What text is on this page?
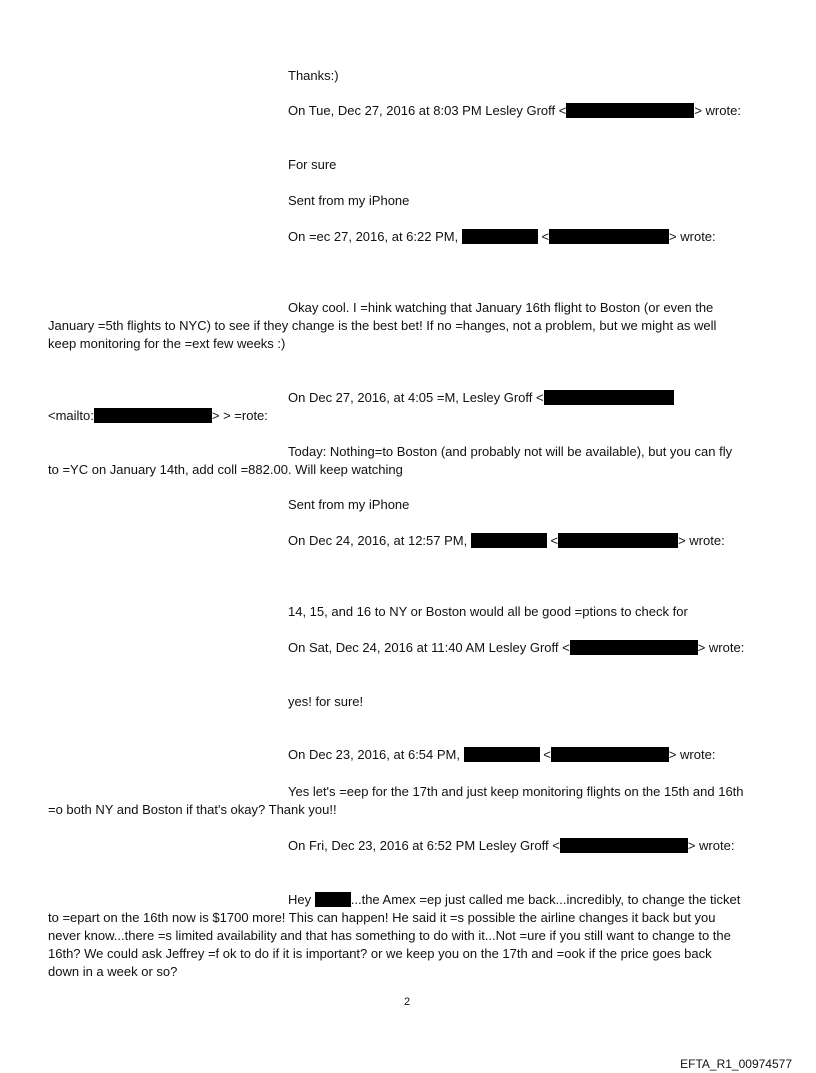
Thanks:)
On Tue, Dec 27, 2016 at 8:03 PM Lesley Groff <	> wrote:
For sure
Sent from my iPhone
On =ec 27, 2016, at 6:22 PM,	<	> wrote:
Okay cool. I =hink watching that January 16th flight to Boston (or even the
January =5th flights to NYC) to see if they change is the best bet! If no =hanges, not a problem, but we might as well
keep monitoring for the =ext few weeks :)
On Dec 27, 2016, at 4:05 =M, Lesley Groff <
<mailto:	> > =rote:
Today: Nothing=to Boston (and probably not will be available), but you can fly
to =YC on January 14th, add coll =882.00. Will keep watching
Sent from my iPhone
On Dec 24, 2016, at 12:57 PM,	<	> wrote:
14, 15, and 16 to NY or Boston would all be good =ptions to check for
On Sat, Dec 24, 2016 at 11:40 AM Lesley Groff <	> wrote:
yes! for sure!
On Dec 23, 2016, at 6:54 PM,	<	> wrote:
Yes let's =eep for the 17th and just keep monitoring flights on the 15th and 16th
=o both NY and Boston if that's okay? Thank you!!
On Fri, Dec 23, 2016 at 6:52 PM Lesley Groff <	> wrote:
Hey	...the Amex =ep just called me back...incredibly, to change the ticket
to =epart on the 16th now is $1700 more! This can happen! He said it =s possible the airline changes it back but you
never know...there =s limited availability and that has something to do with it...Not =ure if you still want to change to the
16th? We could ask Jeffrey =f ok to do if it is important? or we keep you on the 17th and =ook if the price goes back
down in a week or so?
2
EFTA_R1_00974577
